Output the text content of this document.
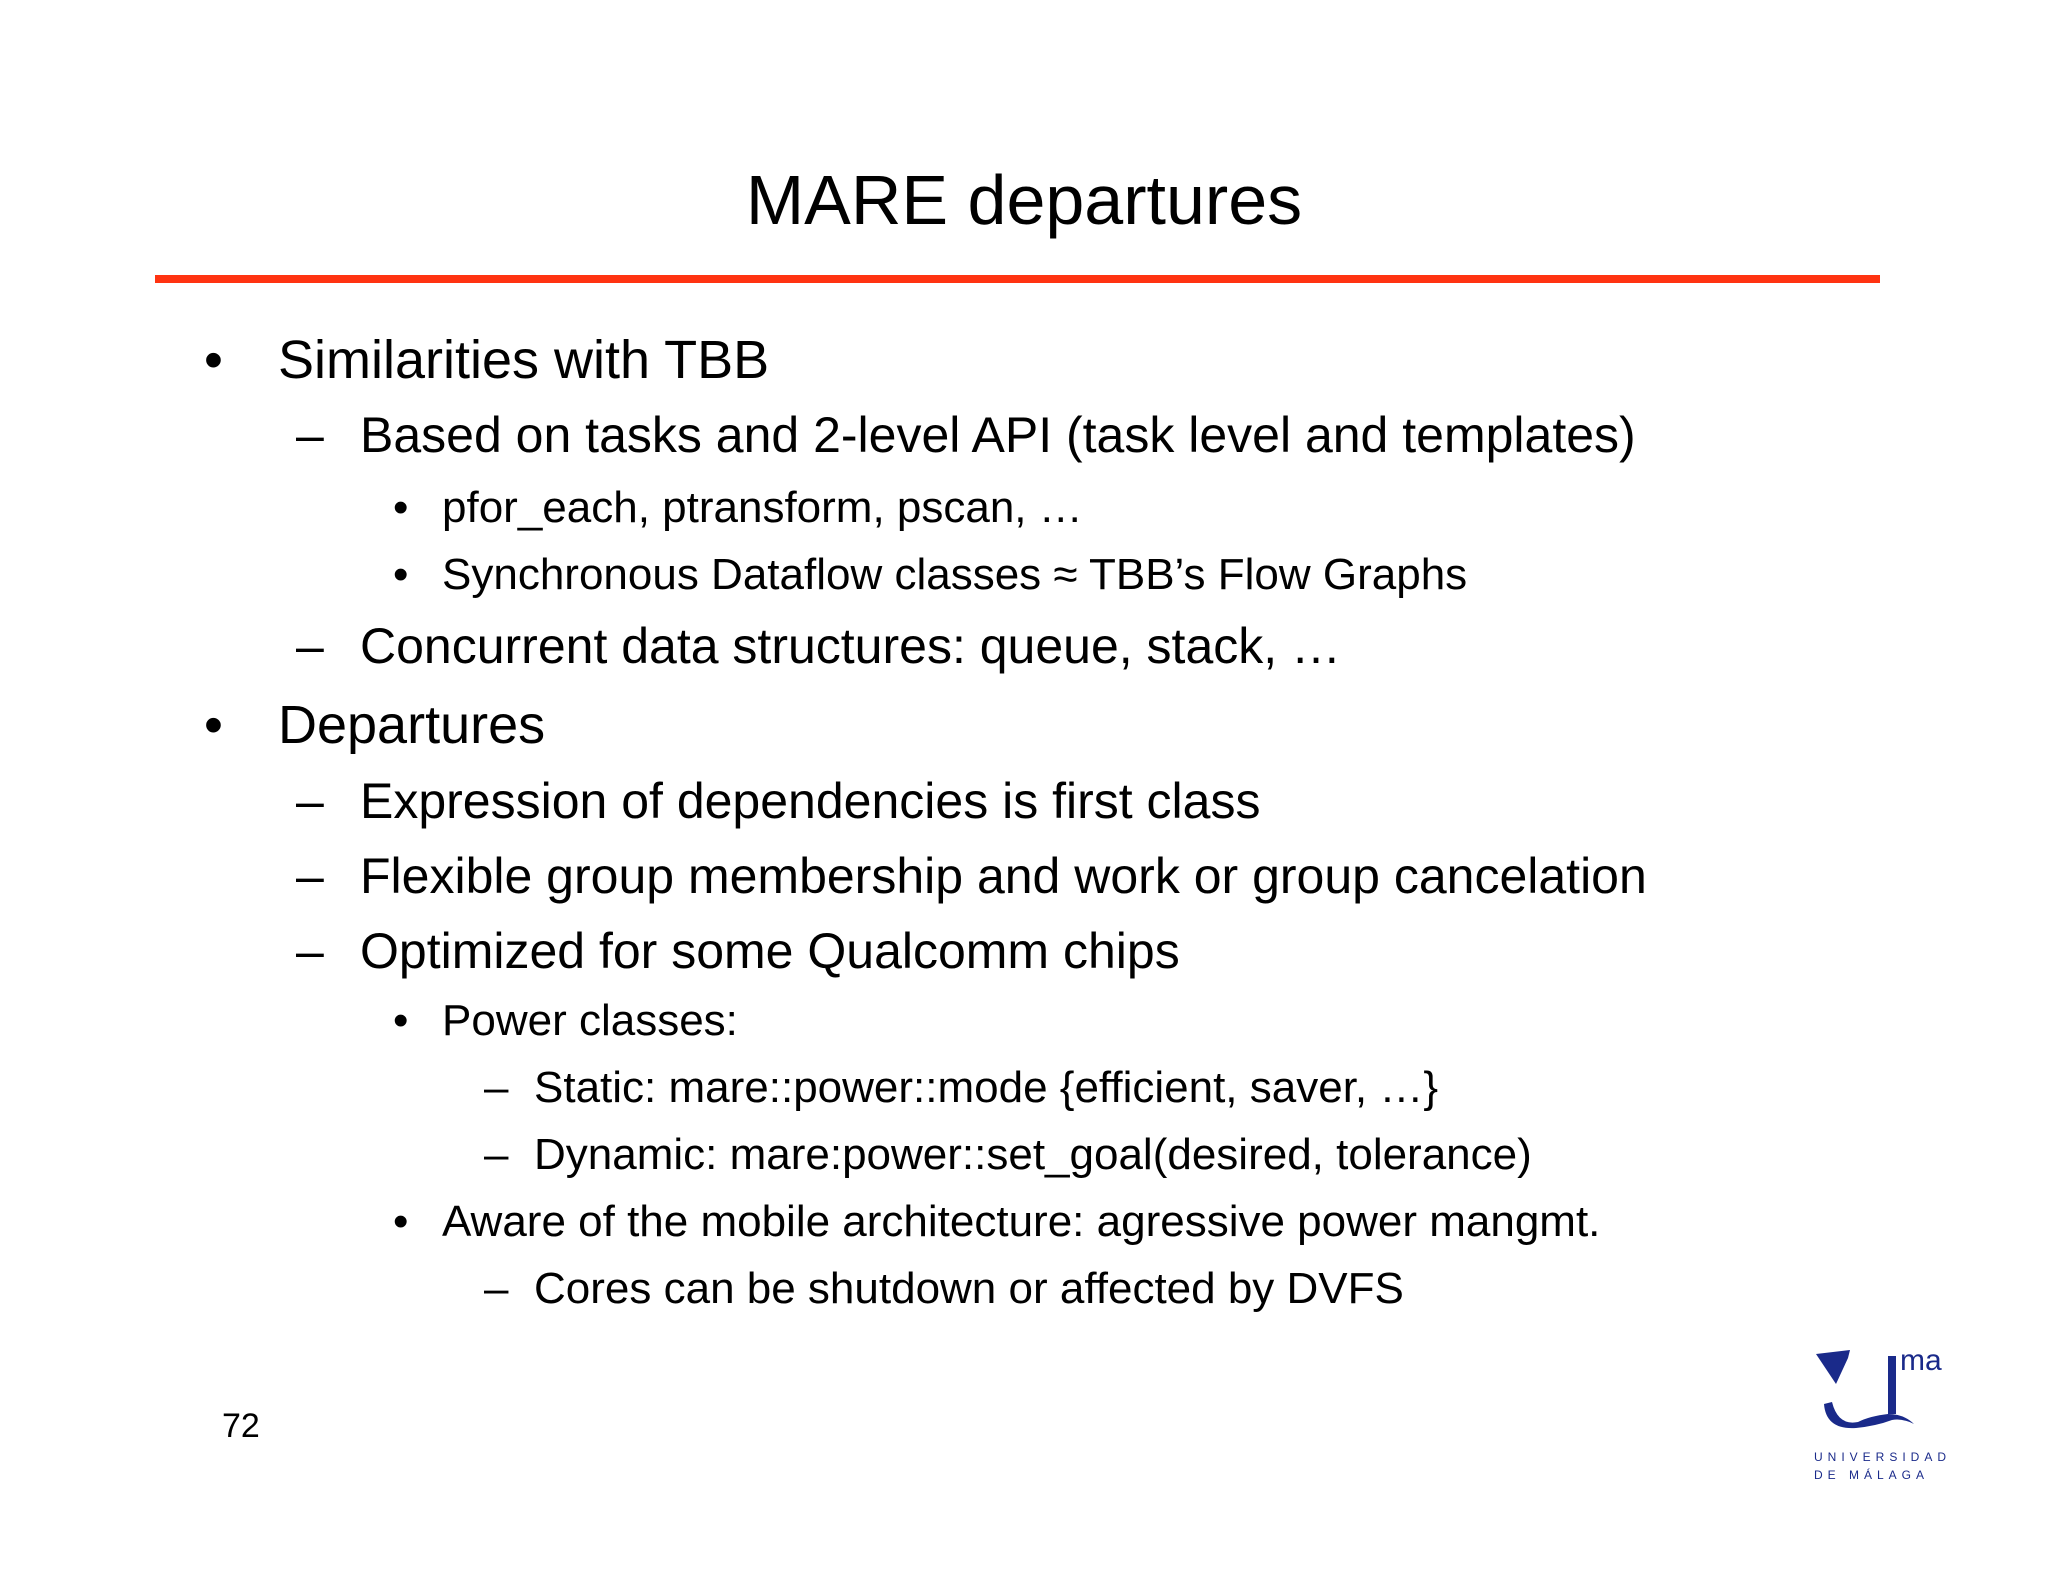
MARE departures
• Similarities with TBB
– Based on tasks and 2-level API (task level and templates)
• pfor_each, ptransform, pscan, …
• Synchronous Dataflow classes ≈ TBB’s Flow Graphs
– Concurrent data structures: queue, stack, …
• Departures
– Expression of dependencies is first class
– Flexible group membership and work or group cancelation
– Optimized for some Qualcomm chips
• Power classes:
– Static: mare::power::mode {efficient, saver, …}
– Dynamic: mare:power::set_goal(desired, tolerance)
• Aware of the mobile architecture: agressive power mangmt.
– Cores can be shutdown or affected by DVFS
72
ma
UNIVERSIDAD
DE MÁLAGA
